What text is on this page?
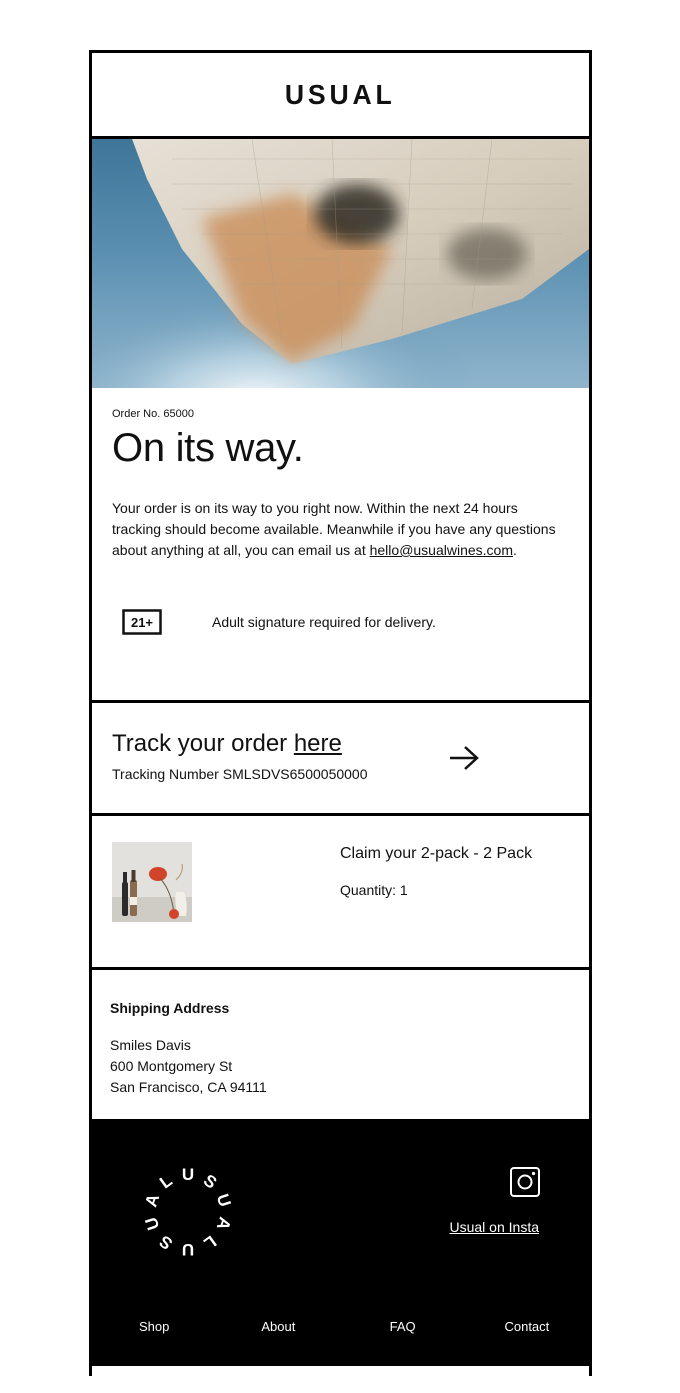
USUAL

Order No. 65000

On its way.

Your order is on its way to you right now. Within the next 24 hours tracking should become available. Meanwhile if you have any questions about anything at all, you can email us at hello@usualwines.com.

21+	Adult signature required for delivery.
Track your order here
Tracking Number SMLSDVS6500050000
Claim your 2-pack - 2 Pack
Quantity: 1

Shipping Address

Smiles Davis
600 Montgomery St
San Francisco, CA 94111
U S
U
A
L
U
S
U
A
L
Usual on Insta
Shop	About	FAQ	Contact
